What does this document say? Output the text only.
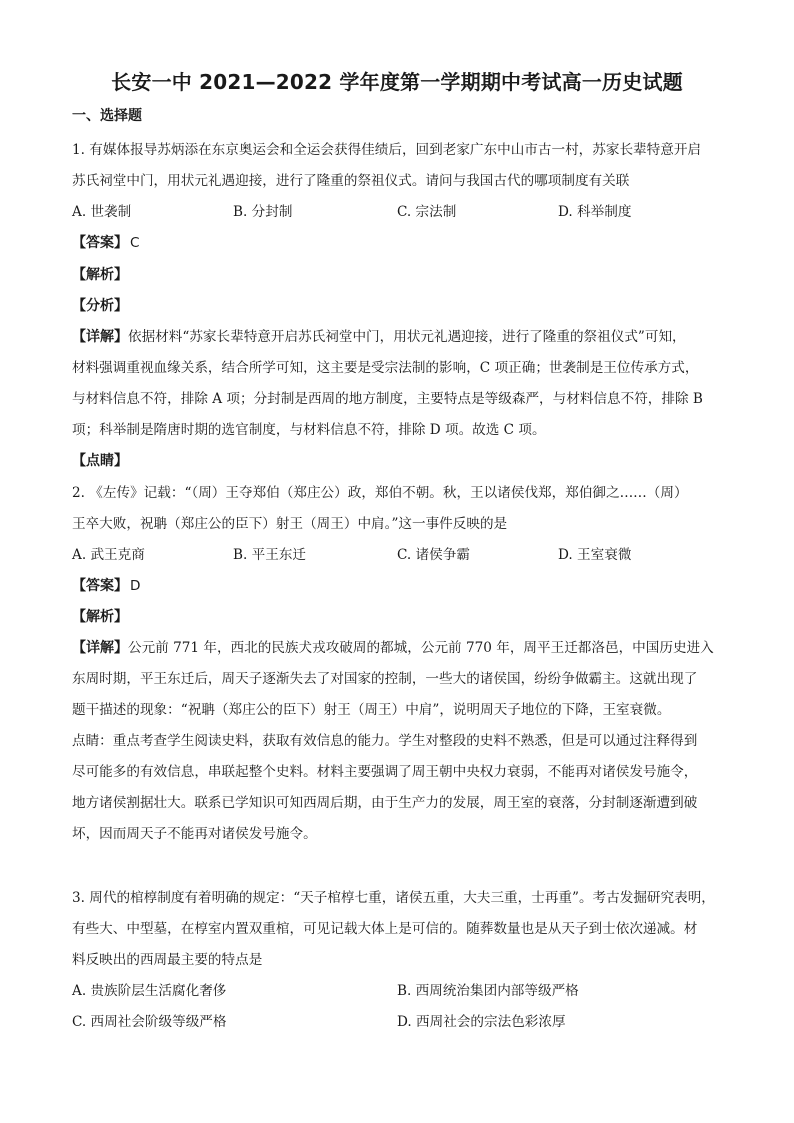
长安一中 2021—2022 学年度第一学期期中考试高一历史试题
一、选择题
1. 有媒体报导苏炳添在东京奥运会和全运会获得佳绩后，回到老家广东中山市古一村，苏家长辈特意开启
苏氏祠堂中门，用状元礼遇迎接，进行了隆重的祭祖仪式。请问与我国古代的哪项制度有关联
A. 世袭制	B. 分封制	C. 宗法制	D. 科举制度
【答案】 C
【解析】
【分析】
【详解】依据材料“苏家长辈特意开启苏氏祠堂中门，用状元礼遇迎接，进行了隆重的祭祖仪式”可知，
材料强调重视血缘关系，结合所学可知，这主要是受宗法制的影响，C 项正确；世袭制是王位传承方式，
与材料信息不符，排除 A 项；分封制是西周的地方制度，主要特点是等级森严，与材料信息不符，排除 B
项；科举制是隋唐时期的选官制度，与材料信息不符，排除 D 项。故选 C 项。
【点睛】
2. 《左传》记载：“（周）王夺郑伯（郑庄公）政，郑伯不朝。秋，王以诸侯伐郑，郑伯御之……（周）
王卒大败，祝聃（郑庄公的臣下）射王（周王）中肩。”这一事件反映的是
A. 武王克商	B. 平王东迁	C. 诸侯争霸	D. 王室衰微
【答案】 D
【解析】
【详解】公元前 771 年，西北的民族犬戎攻破周的都城，公元前 770 年，周平王迁都洛邑，中国历史进入
东周时期，平王东迁后，周天子逐渐失去了对国家的控制，一些大的诸侯国，纷纷争做霸主。这就出现了
题干描述的现象：“祝聃（郑庄公的臣下）射王（周王）中肩”，说明周天子地位的下降，王室衰微。
点睛：重点考查学生阅读史料，获取有效信息的能力。学生对整段的史料不熟悉，但是可以通过注释得到
尽可能多的有效信息，串联起整个史料。材料主要强调了周王朝中央权力衰弱，不能再对诸侯发号施令，
地方诸侯割据壮大。联系已学知识可知西周后期，由于生产力的发展，周王室的衰落，分封制逐渐遭到破
坏，因而周天子不能再对诸侯发号施令。
3. 周代的棺椁制度有着明确的规定：“天子棺椁七重，诸侯五重，大夫三重，士再重”。考古发掘研究表明，
有些大、中型墓，在椁室内置双重棺，可见记载大体上是可信的。随葬数量也是从天子到士依次递减。材
料反映出的西周最主要的特点是
A. 贵族阶层生活腐化奢侈	B. 西周统治集团内部等级严格
C. 西周社会阶级等级严格	D. 西周社会的宗法色彩浓厚
